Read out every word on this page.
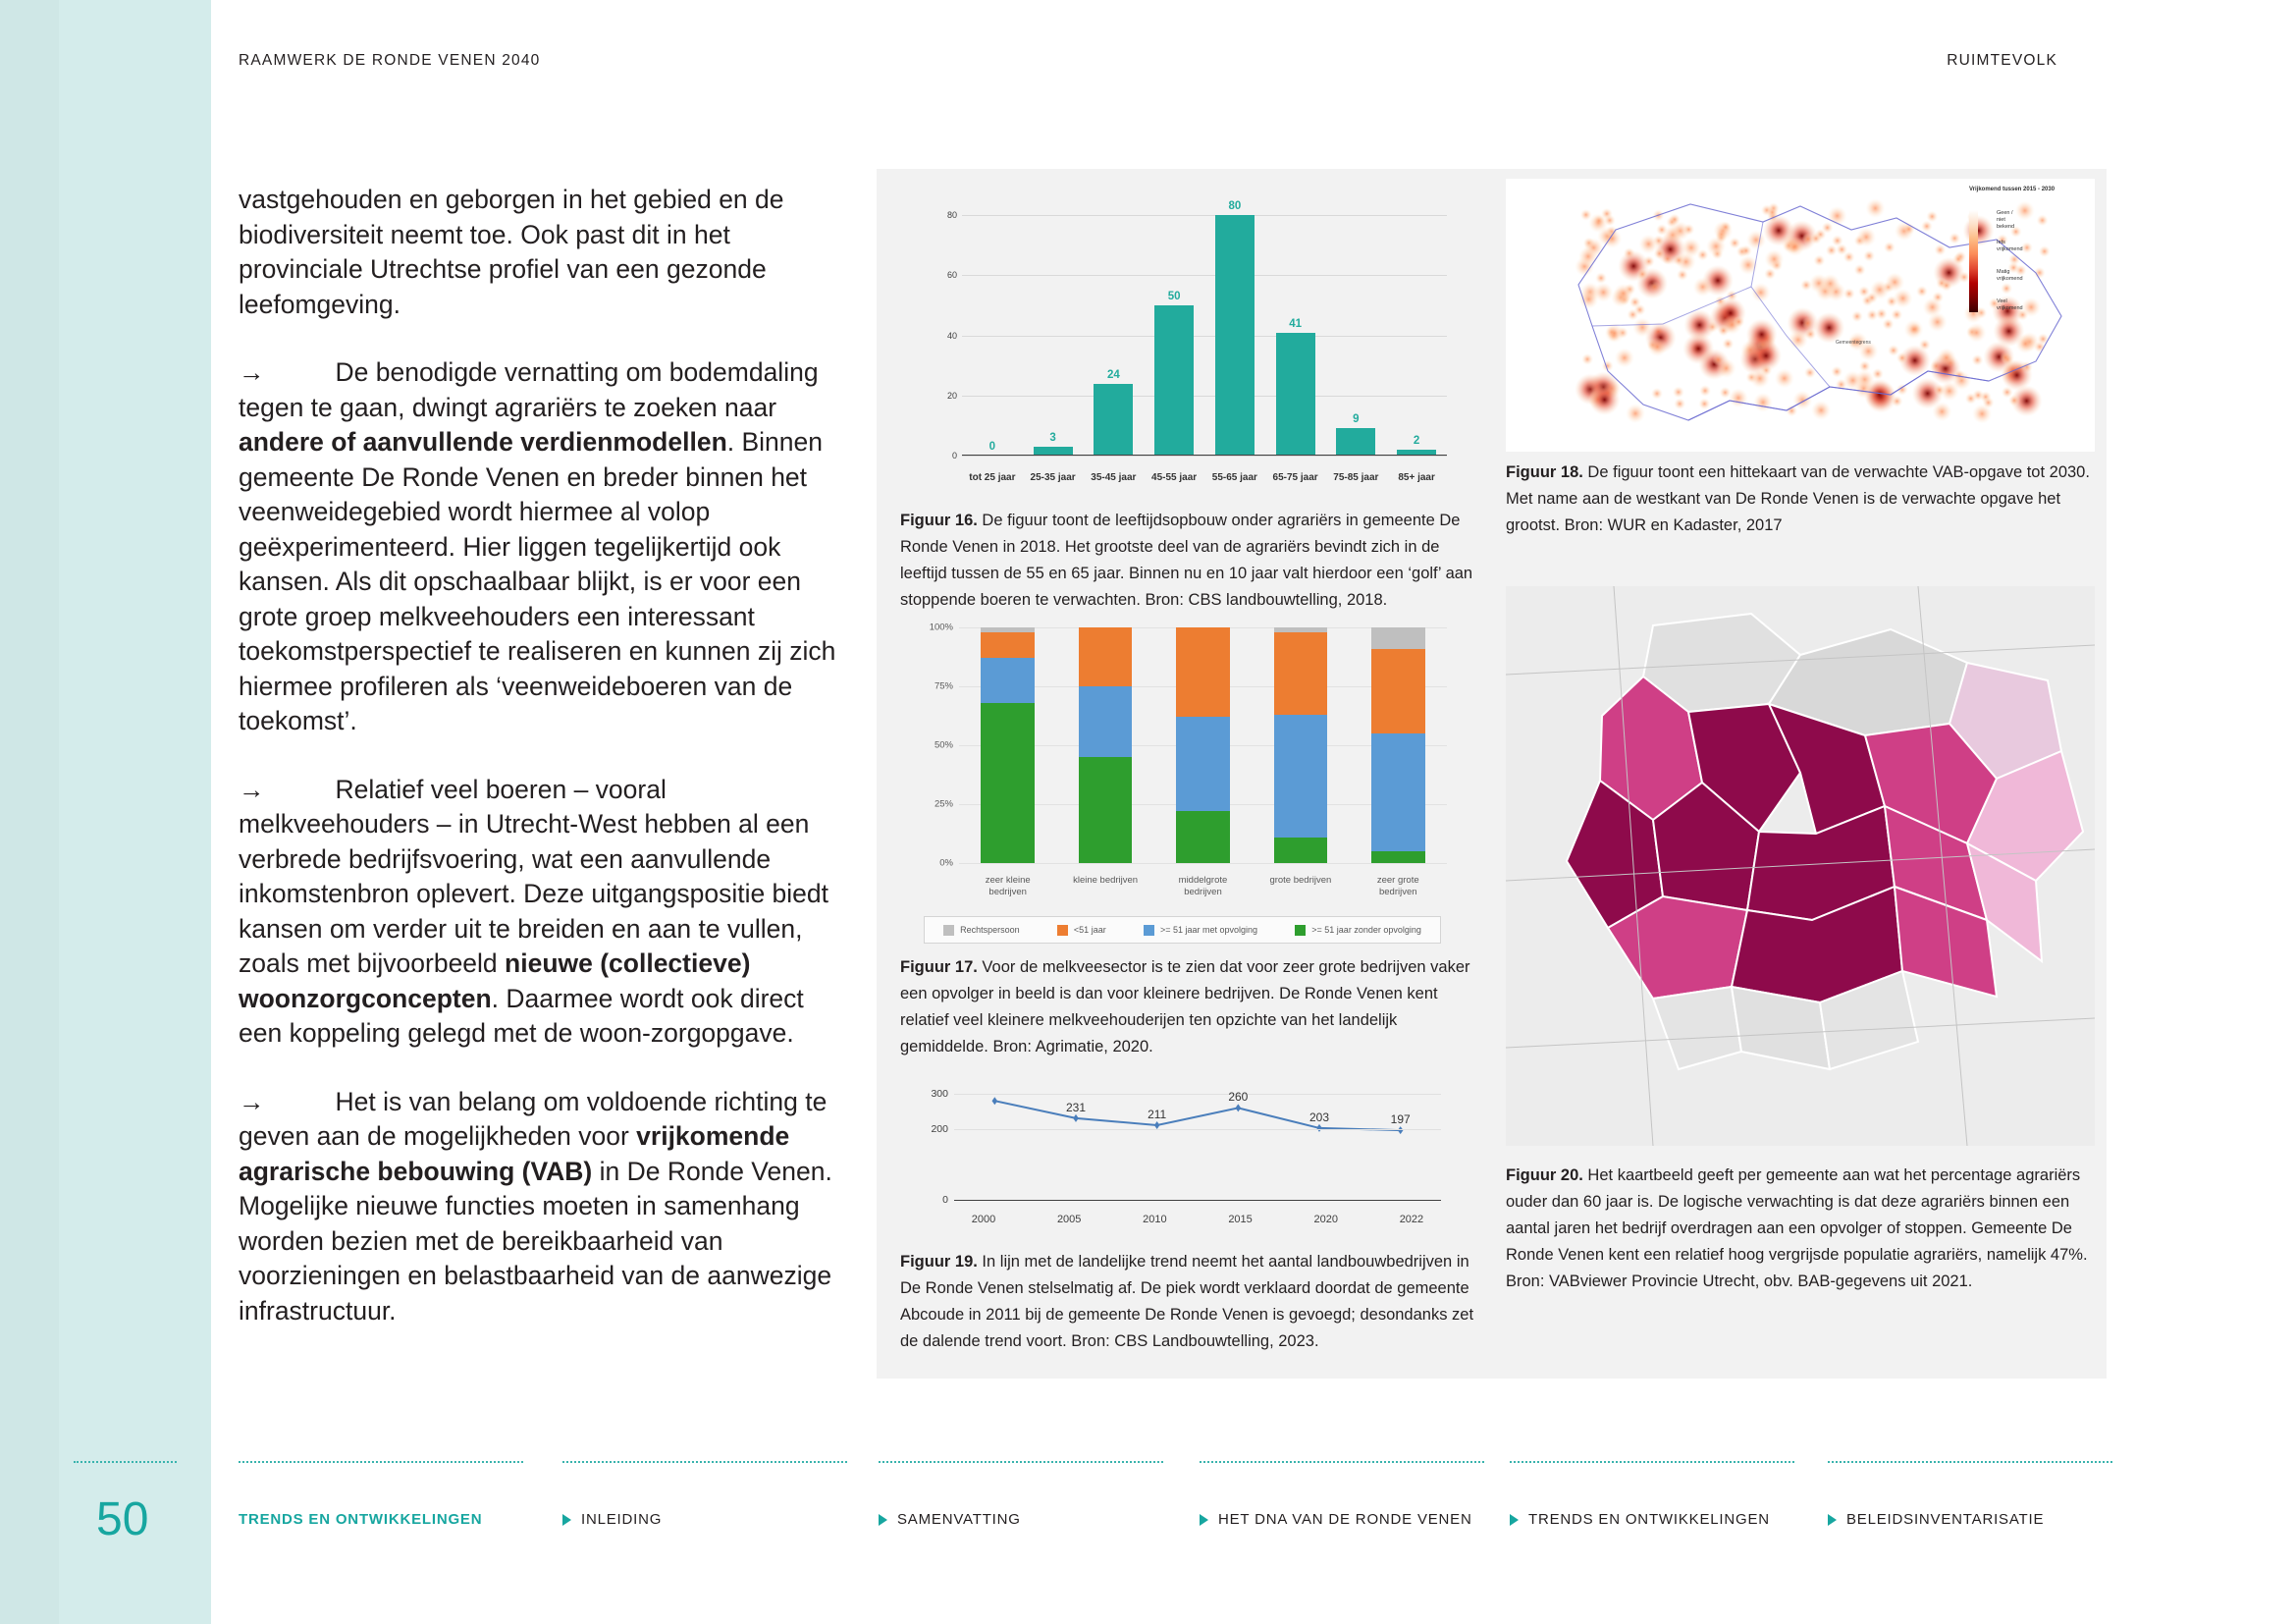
RAAMWERK DE RONDE VENEN 2040	RUIMTEVOLK

vastgehouden en geborgen in het gebied en de biodiversiteit neemt toe. Ook past dit in het provinciale Utrechtse profiel van een gezonde leefomgeving.

→	De benodigde vernatting om bodemdaling tegen te gaan, dwingt agrariërs te zoeken naar andere of aanvullende verdienmodellen. Binnen gemeente De Ronde Venen en breder binnen het veenweidegebied wordt hiermee al volop geëxperimenteerd. Hier liggen tegelijkertijd ook kansen. Als dit opschaalbaar blijkt, is er voor een grote groep melkveehouders een interessant toekomstperspectief te realiseren en kunnen zij zich hiermee profileren als ‘veenweideboeren van de toekomst’.

→	Relatief veel boeren – vooral melkveehouders – in Utrecht-West hebben al een verbrede bedrijfsvoering, wat een aanvullende inkomstenbron oplevert. Deze uitgangspositie biedt kansen om verder uit te breiden en aan te vullen, zoals met bijvoorbeeld nieuwe (collectieve) woonzorgconcepten. Daarmee wordt ook direct een koppeling gelegd met de woon-zorgopgave.

→	Het is van belang om voldoende richting te geven aan de mogelijkheden voor vrijkomende agrarische bebouwing (VAB) in De Ronde Venen. Mogelijke nieuwe functies moeten in samenhang worden bezien met de bereikbaarheid van voorzieningen en belastbaarheid van de aanwezige infrastructuur.

0
3
24
50
80
41
9
2
0
20
40
60
80
tot 25 jaar	25-35 jaar	35-45 jaar	45-55 jaar	55-65 jaar	65-75 jaar	75-85 jaar	85+ jaar
Figuur 16. De figuur toont de leeftijdsopbouw onder agrariërs in gemeente De Ronde Venen in 2018. Het grootste deel van de agrariërs bevindt zich in de leeftijd tussen de 55 en 65 jaar. Binnen nu en 10 jaar valt hierdoor een ‘golf’ aan stoppende boeren te verwachten. Bron: CBS landbouwtelling, 2018.
0%
25%
50%
75%
100%
zeer kleine bedrijven
kleine bedrijven	middelgrote bedrijven
grote bedrijven	zeer grote bedrijven
Rechtspersoon	<51 jaar	>= 51 jaar met opvolging	>= 51 jaar zonder opvolging
Figuur 17. Voor de melkveesector is te zien dat voor zeer grote bedrijven vaker een opvolger in beeld is dan voor kleinere bedrijven. De Ronde Venen kent relatief veel kleinere melkveehouderijen ten opzichte van het landelijk gemiddelde. Bron: Agrimatie, 2020.
0
200
300
231
211
260
203	197
2000	2005	2010	2015	2020	2022
Figuur 19. In lijn met de landelijke trend neemt het aantal landbouwbedrijven in De Ronde Venen stelselmatig af. De piek wordt verklaard doordat de gemeente Abcoude in 2011 bij de gemeente De Ronde Venen is gevoegd; desondanks zet de dalende trend voort. Bron: CBS Landbouwtelling, 2023.
Gemeentegrens
Vrijkomend tussen 2015 - 2030
Geen / niet bekend
Iets vrijkomend
Matig vrijkomend
Veel vrijkomend
Figuur 18. De figuur toont een hittekaart van de verwachte VAB-opgave tot 2030. Met name aan de westkant van De Ronde Venen is de verwachte opgave het grootst. Bron: WUR en Kadaster, 2017
Figuur 20. Het kaartbeeld geeft per gemeente aan wat het percentage agrariërs ouder dan 60 jaar is. De logische verwachting is dat deze agrariërs binnen een aantal jaren het bedrijf overdragen aan een opvolger of stoppen. Gemeente De Ronde Venen kent een relatief hoog vergrijsde populatie agrariërs, namelijk 47%. Bron: VABviewer Provincie Utrecht, obv. BAB-gegevens uit 2021.
50	TRENDS EN ONTWIKKELINGEN	INLEIDING	SAMENVATTING	HET DNA VAN DE RONDE VENEN	TRENDS EN ONTWIKKELINGEN	BELEIDSINVENTARISATIE
